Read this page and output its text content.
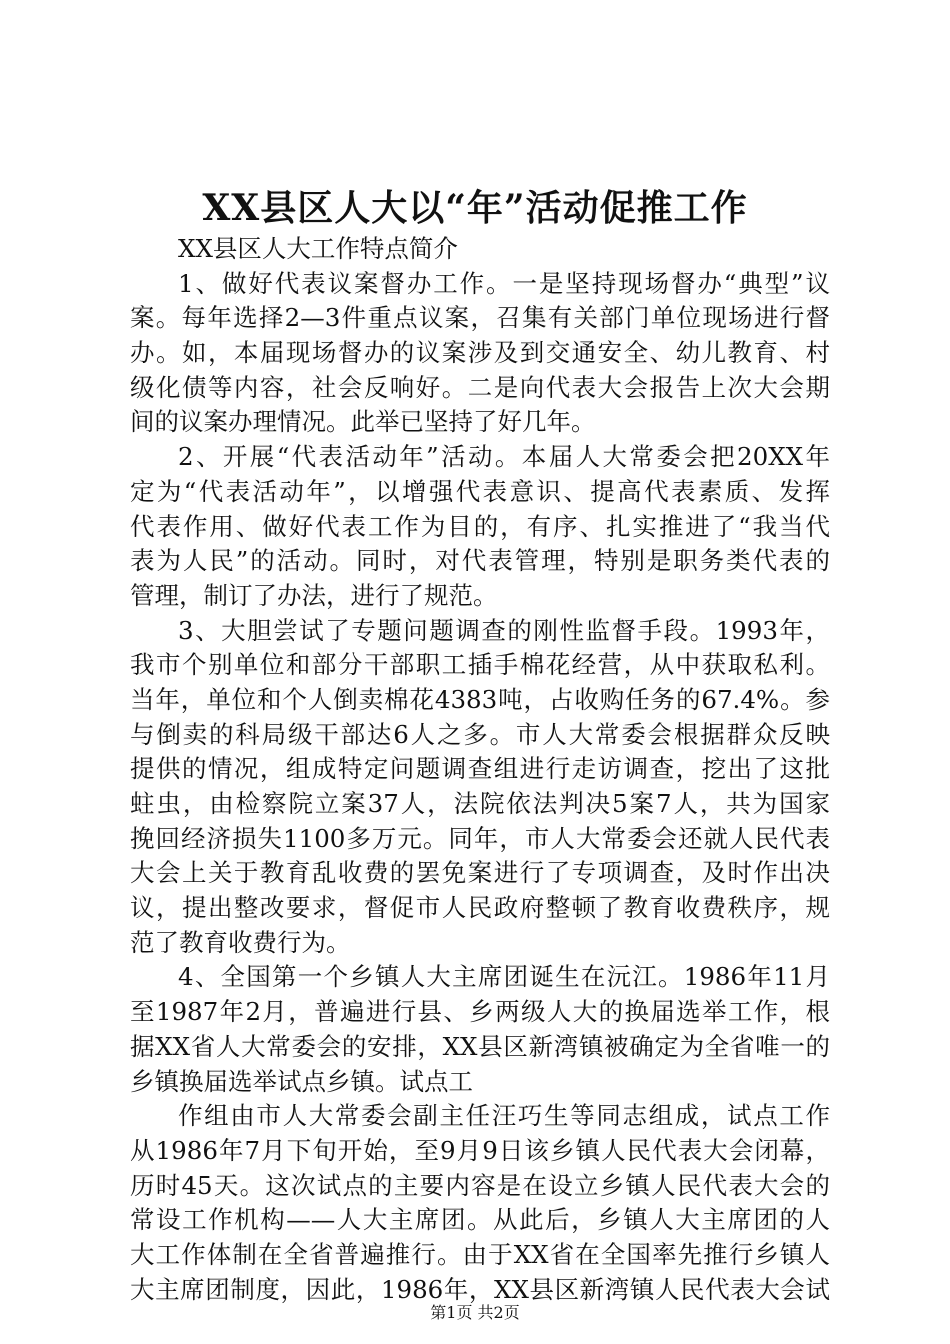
XX县区人大以“年”活动促推工作
XX县区人大工作特点简介
1、做好代表议案督办工作。一是坚持现场督办“典型”议
案。每年选择2—3件重点议案，召集有关部门单位现场进行督
办。如，本届现场督办的议案涉及到交通安全、幼儿教育、村
级化债等内容，社会反响好。二是向代表大会报告上次大会期
间的议案办理情况。此举已坚持了好几年。
2、开展“代表活动年”活动。本届人大常委会把20XX年
定为“代表活动年”，以增强代表意识、提高代表素质、发挥
代表作用、做好代表工作为目的，有序、扎实推进了“我当代
表为人民”的活动。同时，对代表管理，特别是职务类代表的
管理，制订了办法，进行了规范。
3、大胆尝试了专题问题调查的刚性监督手段。1993年，
我市个别单位和部分干部职工插手棉花经营，从中获取私利。
当年，单位和个人倒卖棉花4383吨，占收购任务的67.4%。参
与倒卖的科局级干部达6人之多。市人大常委会根据群众反映
提供的情况，组成特定问题调查组进行走访调查，挖出了这批
蛀虫，由检察院立案37人，法院依法判决5案7人，共为国家
挽回经济损失1100多万元。同年，市人大常委会还就人民代表
大会上关于教育乱收费的罢免案进行了专项调查，及时作出决
议，提出整改要求，督促市人民政府整顿了教育收费秩序，规
范了教育收费行为。
4、全国第一个乡镇人大主席团诞生在沅江。1986年11月
至1987年2月，普遍进行县、乡两级人大的换届选举工作，根
据XX省人大常委会的安排，XX县区新湾镇被确定为全省唯一的
乡镇换届选举试点乡镇。试点工
作组由市人大常委会副主任汪巧生等同志组成，试点工作
从1986年7月下旬开始，至9月9日该乡镇人民代表大会闭幕，
历时45天。这次试点的主要内容是在设立乡镇人民代表大会的
常设工作机构——人大主席团。从此后，乡镇人大主席团的人
大工作体制在全省普遍推行。由于XX省在全国率先推行乡镇人
大主席团制度，因此，1986年，XX县区新湾镇人民代表大会试
第1页 共2页
